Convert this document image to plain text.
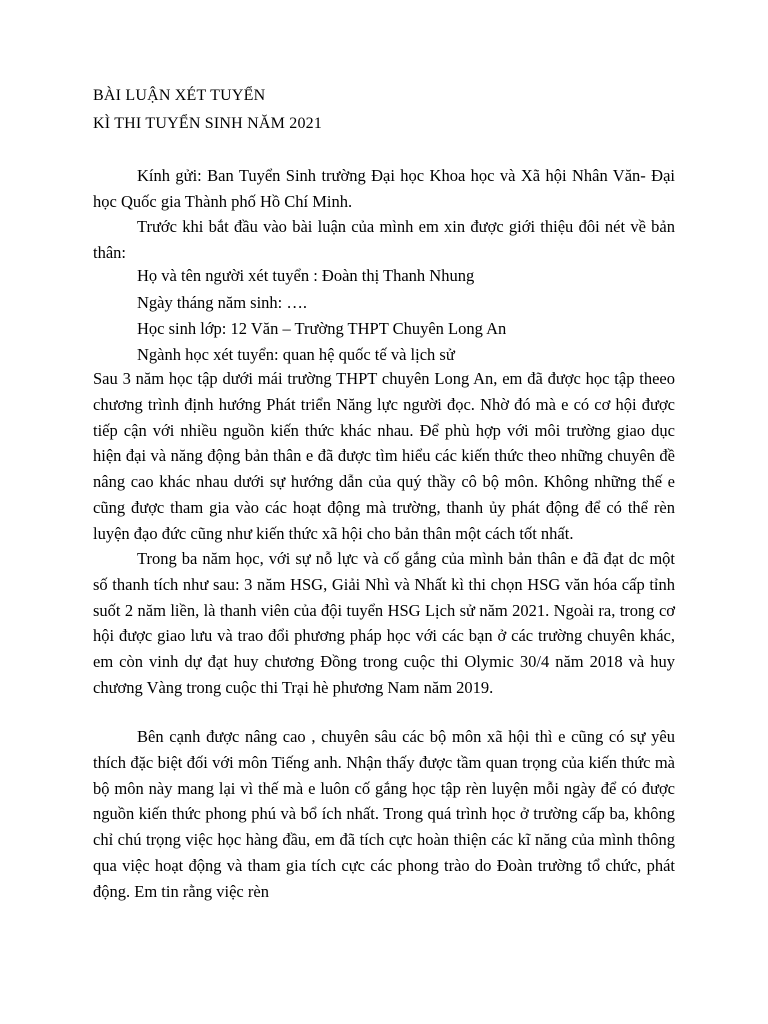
BÀI LUẬN XÉT TUYỂN
KÌ THI TUYỂN SINH NĂM 2021

Kính gửi: Ban Tuyển Sinh trường Đại học Khoa học và Xã hội Nhân Văn- Đại học Quốc gia Thành phố Hồ Chí Minh.

Trước khi bắt đầu vào bài luận của mình em xin được giới thiệu đôi nét về bản thân:

Họ và tên người xét tuyển : Đoàn thị Thanh Nhung
Ngày tháng năm sinh: ….
Học sinh lớp: 12 Văn – Trường THPT Chuyên Long An
Ngành học xét tuyển: quan hệ quốc tế và lịch sử

Sau 3 năm học tập dưới mái trường THPT chuyên Long An, em đã được học tập theeo chương trình định hướng Phát triển Năng lực người đọc. Nhờ đó mà e có cơ hội được tiếp cận với nhiều nguồn kiến thức khác nhau. Để phù hợp với môi trường giao dục hiện đại và năng động bản thân e đã được tìm hiểu các kiến thức theo những chuyên đề nâng cao khác nhau dưới sự hướng dẫn của quý thầy cô bộ môn. Không những thế e cũng được tham gia vào các hoạt động mà trường, thanh ủy phát động để có thể rèn luyện đạo đức cũng như kiến thức xã hội cho bản thân một cách tốt nhất.

Trong ba năm học, với sự nỗ lực và cố gắng của mình bản thân e đã đạt dc một số thanh tích như sau: 3 năm HSG, Giải Nhì và Nhất kì thi chọn HSG văn hóa cấp tỉnh suốt 2 năm liền, là thanh viên của đội tuyển HSG Lịch sử năm 2021. Ngoài ra, trong cơ hội được giao lưu và trao đổi phương pháp học với các bạn ở các trường chuyên khác, em còn vinh dự đạt huy chương Đồng trong cuộc thi Olymic 30/4 năm 2018 và huy chương Vàng trong cuộc thi Trại hè phương Nam năm 2019.

Bên cạnh được nâng cao , chuyên sâu các bộ môn xã hội thì e cũng có sự yêu thích đặc biệt đối với môn Tiếng anh. Nhận thấy được tầm quan trọng của kiến thức mà bộ môn này mang lại vì thế mà e luôn cố gắng học tập rèn luyện mỗi ngày để có được nguồn kiến thức phong phú và bổ ích nhất. Trong quá trình học ở trường cấp ba, không chỉ chú trọng việc học hàng đầu, em đã tích cực hoàn thiện các kĩ năng của mình thông qua việc hoạt động và tham gia tích cực các phong trào do Đoàn trường tổ chức, phát động. Em tin rằng việc rèn
